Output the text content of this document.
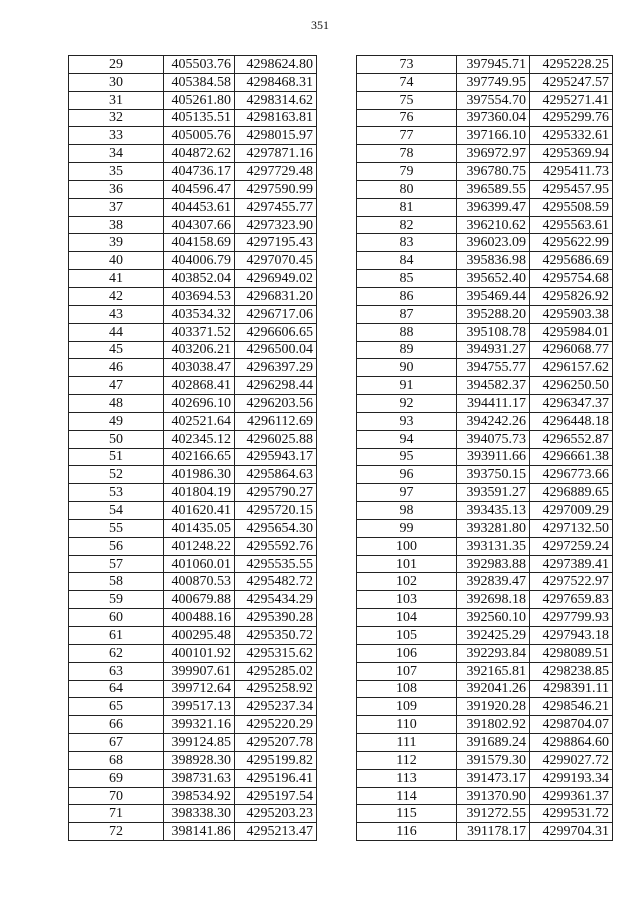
351
29	405503.76	4298624.80
30	405384.58	4298468.31
31	405261.80	4298314.62
32	405135.51	4298163.81
33	405005.76	4298015.97
34	404872.62	4297871.16
35	404736.17	4297729.48
36	404596.47	4297590.99
37	404453.61	4297455.77
38	404307.66	4297323.90
39	404158.69	4297195.43
40	404006.79	4297070.45
41	403852.04	4296949.02
42	403694.53	4296831.20
43	403534.32	4296717.06
44	403371.52	4296606.65
45	403206.21	4296500.04
46	403038.47	4296397.29
47	402868.41	4296298.44
48	402696.10	4296203.56
49	402521.64	4296112.69
50	402345.12	4296025.88
51	402166.65	4295943.17
52	401986.30	4295864.63
53	401804.19	4295790.27
54	401620.41	4295720.15
55	401435.05	4295654.30
56	401248.22	4295592.76
57	401060.01	4295535.55
58	400870.53	4295482.72
59	400679.88	4295434.29
60	400488.16	4295390.28
61	400295.48	4295350.72
62	400101.92	4295315.62
63	399907.61	4295285.02
64	399712.64	4295258.92
65	399517.13	4295237.34
66	399321.16	4295220.29
67	399124.85	4295207.78
68	398928.30	4295199.82
69	398731.63	4295196.41
70	398534.92	4295197.54
71	398338.30	4295203.23
72	398141.86	4295213.47
73	397945.71	4295228.25
74	397749.95	4295247.57
75	397554.70	4295271.41
76	397360.04	4295299.76
77	397166.10	4295332.61
78	396972.97	4295369.94
79	396780.75	4295411.73
80	396589.55	4295457.95
81	396399.47	4295508.59
82	396210.62	4295563.61
83	396023.09	4295622.99
84	395836.98	4295686.69
85	395652.40	4295754.68
86	395469.44	4295826.92
87	395288.20	4295903.38
88	395108.78	4295984.01
89	394931.27	4296068.77
90	394755.77	4296157.62
91	394582.37	4296250.50
92	394411.17	4296347.37
93	394242.26	4296448.18
94	394075.73	4296552.87
95	393911.66	4296661.38
96	393750.15	4296773.66
97	393591.27	4296889.65
98	393435.13	4297009.29
99	393281.80	4297132.50
100	393131.35	4297259.24
101	392983.88	4297389.41
102	392839.47	4297522.97
103	392698.18	4297659.83
104	392560.10	4297799.93
105	392425.29	4297943.18
106	392293.84	4298089.51
107	392165.81	4298238.85
108	392041.26	4298391.11
109	391920.28	4298546.21
110	391802.92	4298704.07
111	391689.24	4298864.60
112	391579.30	4299027.72
113	391473.17	4299193.34
114	391370.90	4299361.37
115	391272.55	4299531.72
116	391178.17	4299704.31
